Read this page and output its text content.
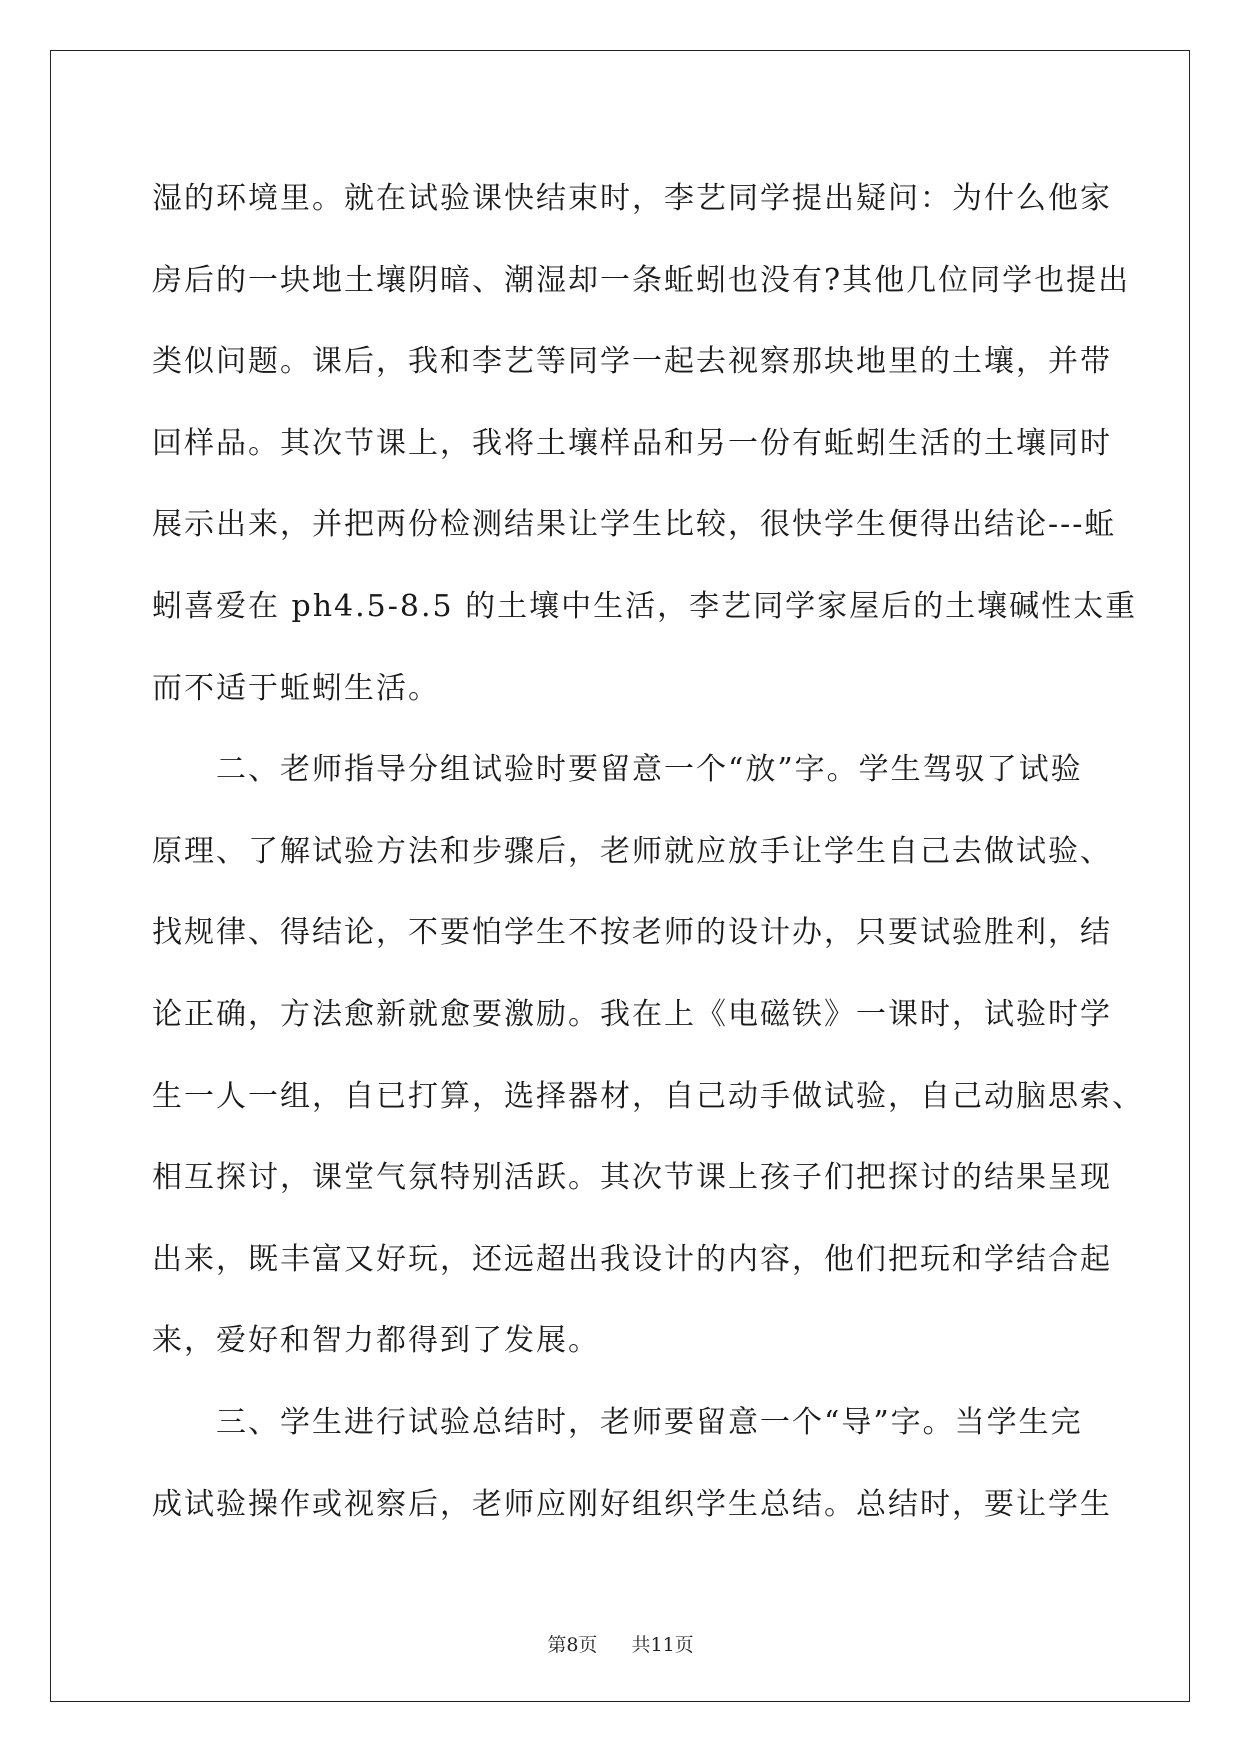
湿的环境里。就在试验课快结束时，李艺同学提出疑问：为什么他家
房后的一块地土壤阴暗、潮湿却一条蚯蚓也没有?其他几位同学也提出
类似问题。课后，我和李艺等同学一起去视察那块地里的土壤，并带
回样品。其次节课上，我将土壤样品和另一份有蚯蚓生活的土壤同时
展示出来，并把两份检测结果让学生比较，很快学生便得出结论---蚯
蚓喜爱在 ph4.5-8.5 的土壤中生活，李艺同学家屋后的土壤碱性太重
而不适于蚯蚓生活。
　　二、老师指导分组试验时要留意一个“放”字。学生驾驭了试验
原理、了解试验方法和步骤后，老师就应放手让学生自己去做试验、
找规律、得结论，不要怕学生不按老师的设计办，只要试验胜利，结
论正确，方法愈新就愈要激励。我在上《电磁铁》一课时，试验时学
生一人一组，自已打算，选择器材，自己动手做试验，自己动脑思索、
相互探讨，课堂气氛特别活跃。其次节课上孩子们把探讨的结果呈现
出来，既丰富又好玩，还远超出我设计的内容，他们把玩和学结合起
来，爱好和智力都得到了发展。
　　三、学生进行试验总结时，老师要留意一个“导”字。当学生完
成试验操作或视察后，老师应刚好组织学生总结。总结时，要让学生
第8页 共11页
